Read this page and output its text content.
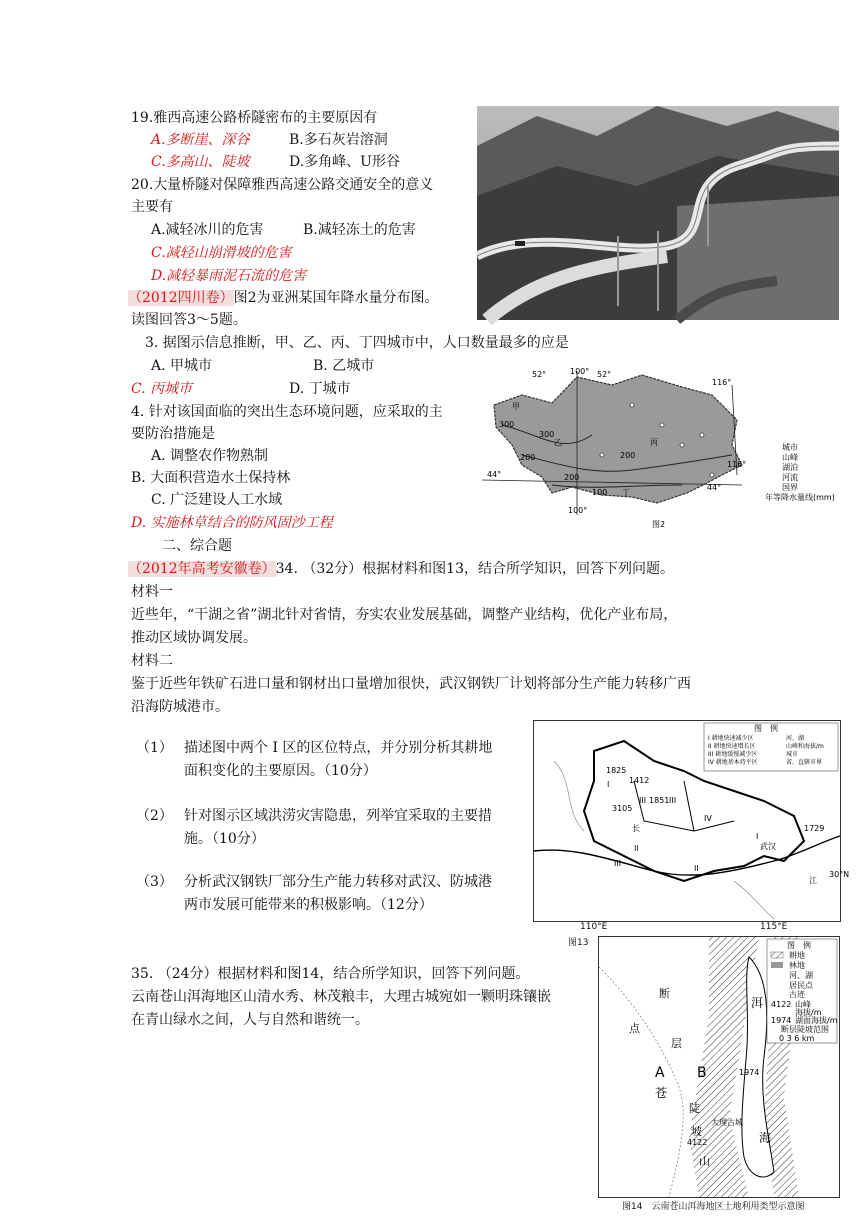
19.雅西高速公路桥隧密布的主要原因有
A.多断崖、深谷	B.多石灰岩溶洞
C.多高山、陡坡	D.多角峰、U形谷
20.大量桥隧对保障雅西高速公路交通安全的意义
主要有
A.减轻冰川的危害	B.减轻冻土的危害
C.减轻山崩滑坡的危害
D.减轻暴雨泥石流的危害
（2012四川卷）图2为亚洲某国年降水量分布图。
读图回答3～5题。
3. 据图示信息推断，甲、乙、丙、丁四城市中，人口数量最多的应是
A. 甲城市	B. 乙城市
C. 丙城市	D. 丁城市
4. 针对该国面临的突出生态环境问题，应采取的主
要防治措施是
A. 调整农作物熟制
B. 大面积营造水土保持林
C. 广泛建设人工水域
D. 实施林草结合的防风固沙工程
52°	100° 52°
116°
116°
44°
44°
100°
300
300
200
200
100
200
甲
乙	丙
丁
城市
山峰
湖泊
河流
国界
年等降水量线(mm)
图2
二、综合题
（2012年高考安徽卷）34. （32分）根据材料和图13，结合所学知识，回答下列问题。
材料一
近些年，“干湖之省”湖北针对省情，夯实农业发展基础，调整产业结构，优化产业布局，
推动区域协调发展。
材料二
鉴于近些年铁矿石进口量和钢材出口量增加很快，武汉钢铁厂计划将部分生产能力转移广西
沿海防城港市。
（1） 描述图中两个 I 区的区位特点，并分别分析其耕地
面积变化的主要原因。（10分）
（2） 针对图示区域洪涝灾害隐患，列举宜采取的主要措
施。（10分）
（3） 分析武汉钢铁厂部分生产能力转移对武汉、防城港
两市发展可能带来的积极影响。（12分）
图　例
I 耕地快速减少区
II 耕地快速增长区
III 耕地缓慢减少区
IV 耕地基本持平区
河、湖
山峰和海拔/m
城市
省、直辖市界
1825
1412
3105
1851
1729
I
III	III
III
II
IV
I
II
长
江
武汉
30°N
110°E	115°E
图13
35. （24分）根据材料和图14，结合所学知识，回答下列问题。
云南苍山洱海地区山清水秀、林茂粮丰，大理古城宛如一颗明珠镶嵌
在青山绿水之间，人与自然和谐统一。
图　例
耕地
林地
河、湖
居民点
古迹
4122 山峰
海拔/m
1974 湖面海拔/m
断层陡坡范围
0 3 6 km
A B
洱
海
苍
断
点
层
陡
坡
山
1974
4122
大理古城
图14　云南苍山洱海地区土地利用类型示意图
